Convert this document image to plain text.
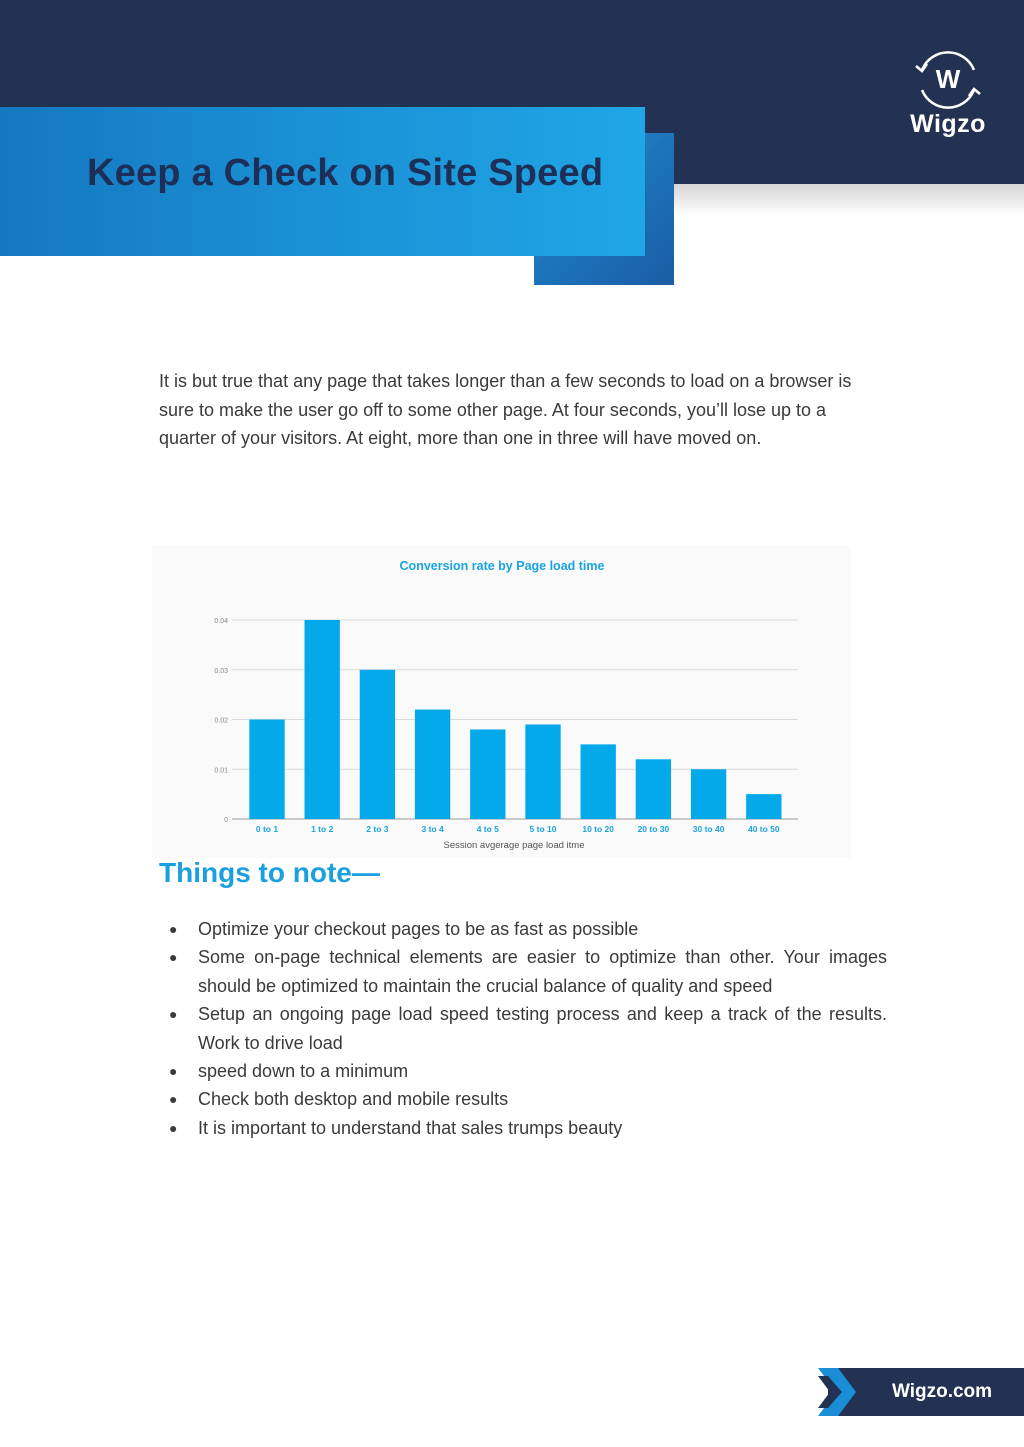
Keep a Check on Site Speed
W
Wigzo

It is but true that any page that takes longer than a few seconds to load on a browser is sure to make the user go off to some other page. At four seconds, you’ll lose up to a quarter of your visitors. At eight, more than one in three will have moved on.

Conversion rate by Page load time
0
0.01
0.02
0.03
0.04
0 to 1	1 to 2	2 to 3	3 to 4	4 to 5	5 to 10	10 to 20	20 to 30	30 to 40	40 to 50
Session avgerage page load itme
Things to note—
● Optimize your checkout pages to be as fast as possible
● Some on-page technical elements are easier to optimize than other. Your images should be optimized to maintain the crucial balance of quality and speed
● Setup an ongoing page load speed testing process and keep a track of the results. Work to drive load
● speed down to a minimum
● Check both desktop and mobile results
● It is important to understand that sales trumps beauty
Wigzo.com
